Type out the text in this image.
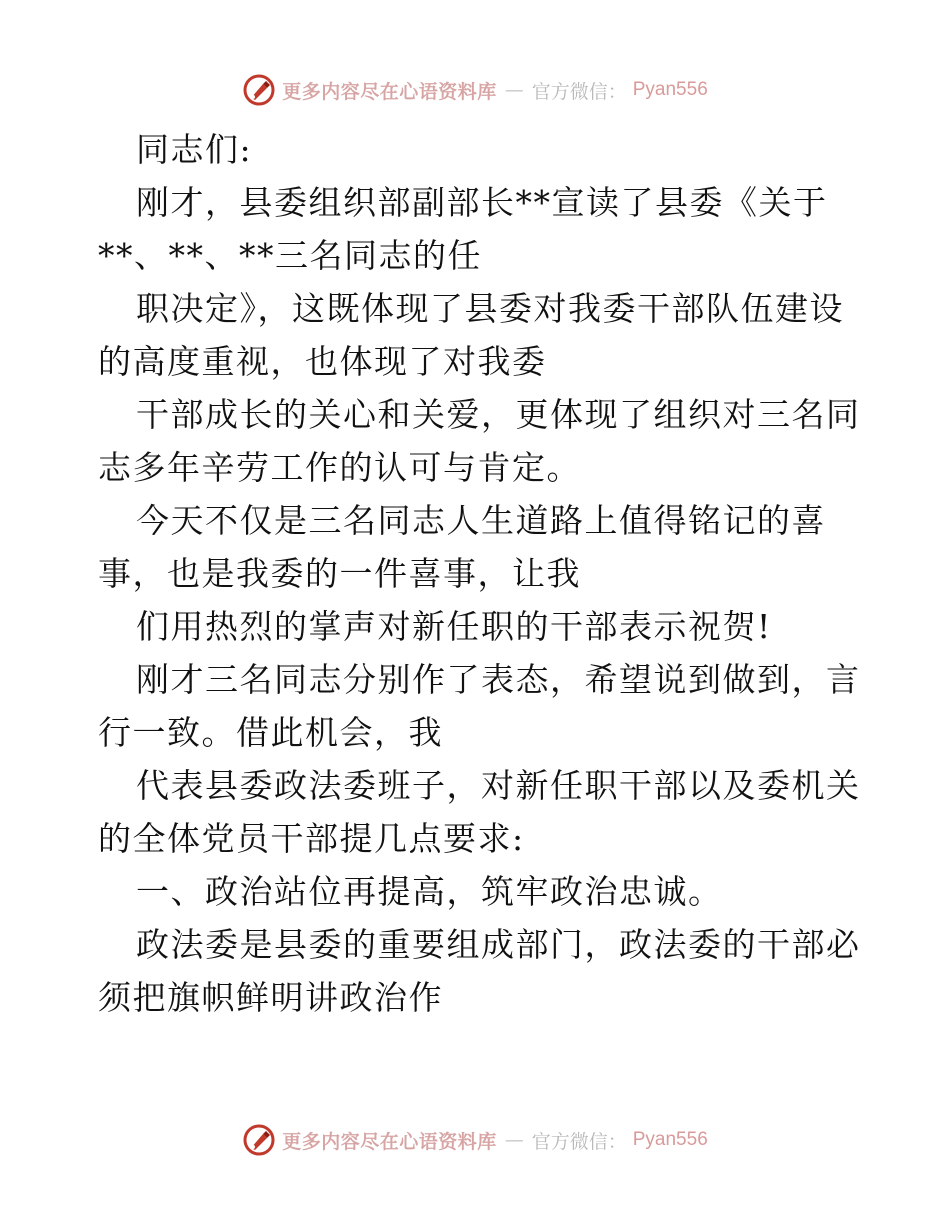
更多内容尽在心语资料库 — 官方微信： Pyan556
同志们:
刚才，县委组织部副部长**宣读了县委《关于
**、**、**三名同志的任
职决定》，这既体现了县委对我委干部队伍建设
的高度重视，也体现了对我委
干部成长的关心和关爱，更体现了组织对三名同
志多年辛劳工作的认可与肯定。
今天不仅是三名同志人生道路上值得铭记的喜
事，也是我委的一件喜事，让我
们用热烈的掌声对新任职的干部表示祝贺!
刚才三名同志分别作了表态，希望说到做到，言
行一致。借此机会，我
代表县委政法委班子，对新任职干部以及委机关
的全体党员干部提几点要求:
一、政治站位再提高，筑牢政治忠诚。
政法委是县委的重要组成部门，政法委的干部必
须把旗帜鲜明讲政治作
更多内容尽在心语资料库 — 官方微信： Pyan556
